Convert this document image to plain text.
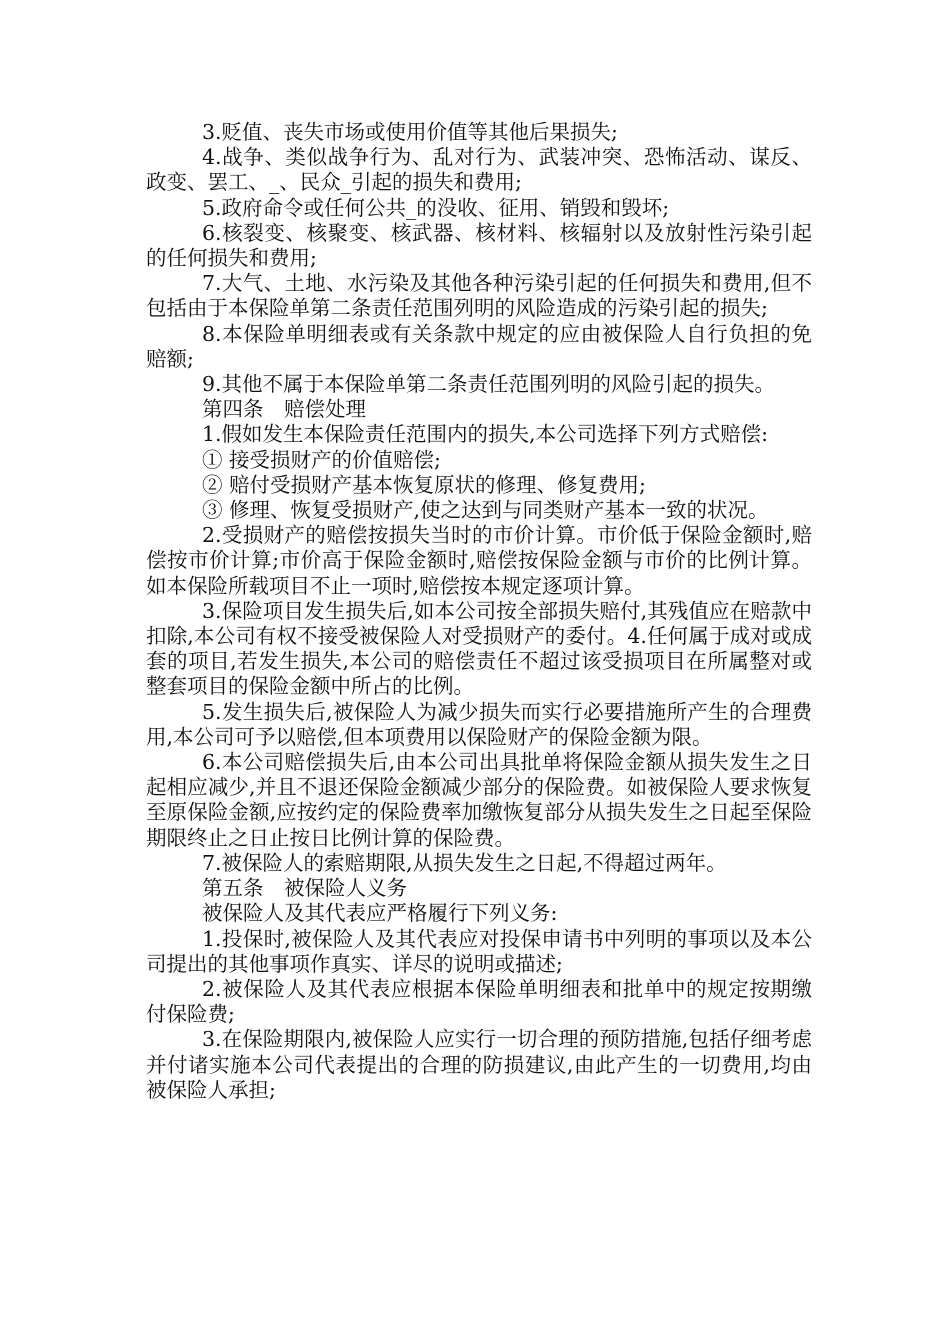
3.贬值、丧失市场或使用价值等其他后果损失;

4.战争、类似战争行为、乱对行为、武装冲突、恐怖活动、谋反、政变、罢工、_、民众_引起的损失和费用;

5.政府命令或任何公共_的没收、征用、销毁和毁坏;

6.核裂变、核聚变、核武器、核材料、核辐射以及放射性污染引起的任何损失和费用;

7.大气、土地、水污染及其他各种污染引起的任何损失和费用,但不包括由于本保险单第二条责任范围列明的风险造成的污染引起的损失;

8.本保险单明细表或有关条款中规定的应由被保险人自行负担的免赔额;

9.其他不属于本保险单第二条责任范围列明的风险引起的损失。

第四条　赔偿处理

1.假如发生本保险责任范围内的损失,本公司选择下列方式赔偿:

① 接受损财产的价值赔偿;

② 赔付受损财产基本恢复原状的修理、修复费用;

③ 修理、恢复受损财产,使之达到与同类财产基本一致的状况。

2.受损财产的赔偿按损失当时的市价计算。市价低于保险金额时,赔偿按市价计算;市价高于保险金额时,赔偿按保险金额与市价的比例计算。如本保险所载项目不止一项时,赔偿按本规定逐项计算。

3.保险项目发生损失后,如本公司按全部损失赔付,其残值应在赔款中扣除,本公司有权不接受被保险人对受损财产的委付。4.任何属于成对或成套的项目,若发生损失,本公司的赔偿责任不超过该受损项目在所属整对或整套项目的保险金额中所占的比例。

5.发生损失后,被保险人为减少损失而实行必要措施所产生的合理费用,本公司可予以赔偿,但本项费用以保险财产的保险金额为限。

6.本公司赔偿损失后,由本公司出具批单将保险金额从损失发生之日起相应减少,并且不退还保险金额减少部分的保险费。如被保险人要求恢复至原保险金额,应按约定的保险费率加缴恢复部分从损失发生之日起至保险期限终止之日止按日比例计算的保险费。

7.被保险人的索赔期限,从损失发生之日起,不得超过两年。

第五条　被保险人义务

被保险人及其代表应严格履行下列义务:

1.投保时,被保险人及其代表应对投保申请书中列明的事项以及本公司提出的其他事项作真实、详尽的说明或描述;

2.被保险人及其代表应根据本保险单明细表和批单中的规定按期缴付保险费;

3.在保险期限内,被保险人应实行一切合理的预防措施,包括仔细考虑并付诸实施本公司代表提出的合理的防损建议,由此产生的一切费用,均由被保险人承担;
